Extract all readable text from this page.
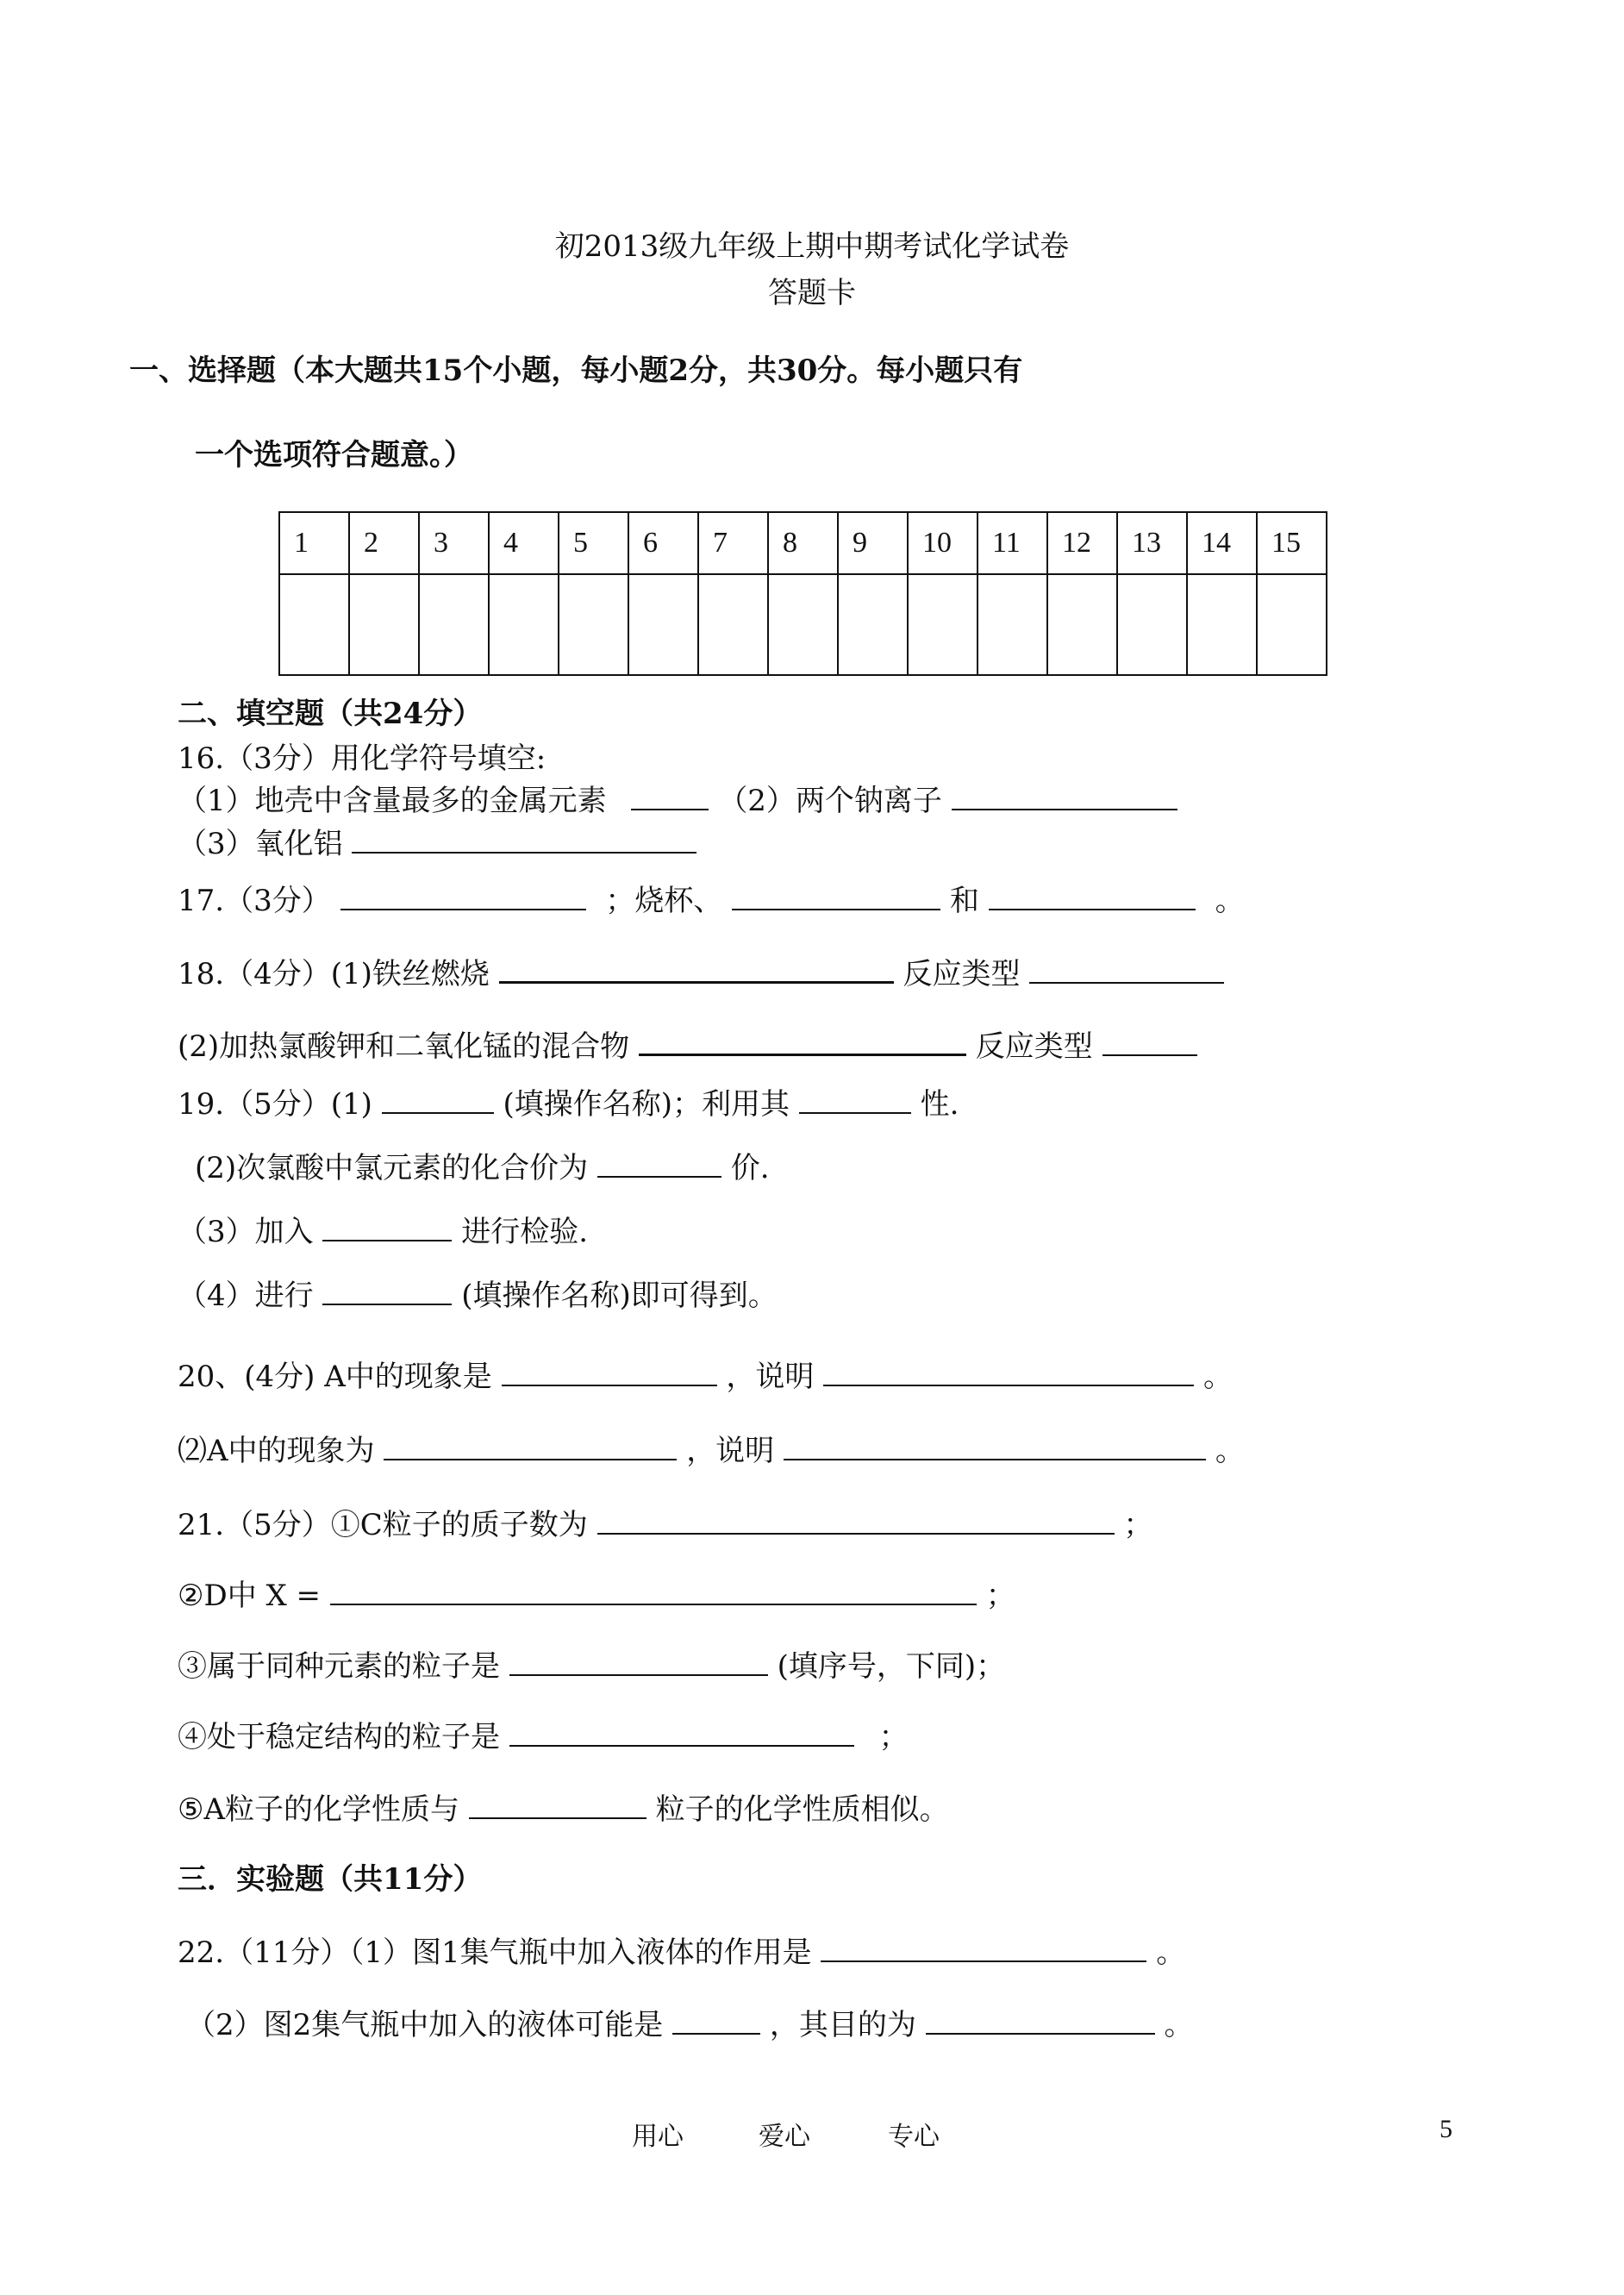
初2013级九年级上期中期考试化学试卷
答题卡
一、选择题（本大题共15个小题，每小题2分，共30分。每小题只有
一个选项符合题意。）
1	2	3	4	5	6	7	8	9	10	11	12	13	14	15

二、填空题（共24分）
16.（3分）用化学符号填空:
（1）地壳中含量最多的金属元素	（2）两个钠离子
（3）氧化铝
17.（3分）	；烧杯、	和	。
18.（4分）(1)铁丝燃烧	反应类型
(2)加热氯酸钾和二氧化锰的混合物	反应类型
19.（5分）(1)	(填操作名称)；利用其	性.
(2)次氯酸中氯元素的化合价为	价.
（3）加入	进行检验.
（4）进行	(填操作名称)即可得到。
20、(4分) A中的现象是	，说明	。
⑵A中的现象为	，说明	。
21.（5分）①C粒子的质子数为	；
②D中 X =	；
③属于同种元素的粒子是	(填序号，下同)；
④处于稳定结构的粒子是	；
⑤A粒子的化学性质与	粒子的化学性质相似。
三．实验题（共11分）
22.（11分）（1）图1集气瓶中加入液体的作用是	。
（2）图2集气瓶中加入的液体可能是	，其目的为	。
用心	爱心	专心	5
